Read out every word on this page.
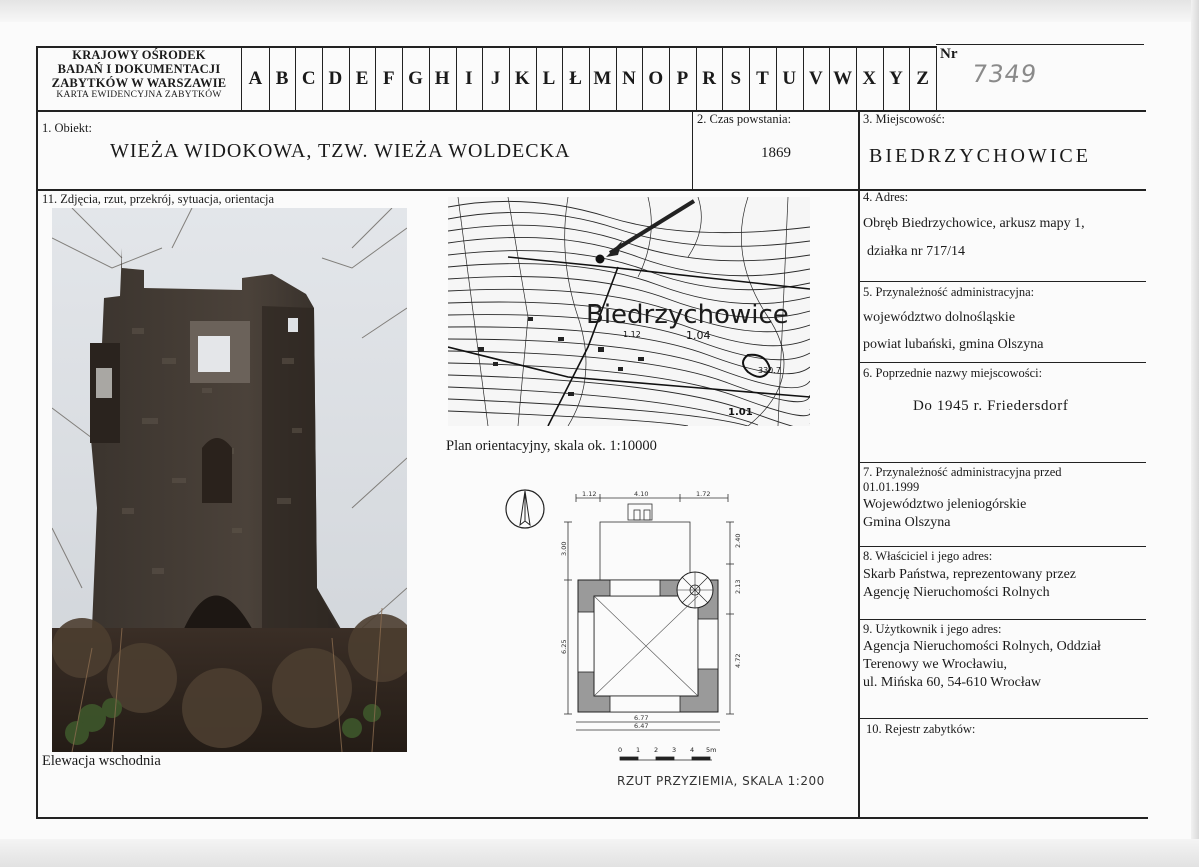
KRAJOWY OŚRODEK
BADAŃ I DOKUMENTACJI
ZABYTKÓW W WARSZAWIE
KARTA EWIDENCYJNA ZABYTKÓW
A B C D E F G H I J K L Ł M N O P R S T U V W X Y Z
Nr
7349
1. Obiekt:
WIEŻA WIDOKOWA, TZW. WIEŻA WOLDECKA
2. Czas powstania:
1869
3. Miejscowość:
BIEDRZYCHOWICE
11. Zdjęcia, rzut, przekrój, sytuacja, orientacja
Elewacja wschodnia
Biedrzychowice
1.04
1.01
1.12
330.7
Plan orientacyjny, skala ok. 1:10000
1.12	4.10	1.72
6.77
6.47
3.00
6.25
2.40
2.13
4.72
0 1 2 3 4 5m
RZUT PRZYZIEMIA, SKALA 1:200
4. Adres:
Obręb Biedrzychowice, arkusz mapy 1,
działka nr 717/14
5. Przynależność administracyjna:
województwo dolnośląskie
powiat lubański, gmina Olszyna
6. Poprzednie nazwy miejscowości:
Do 1945 r. Friedersdorf
7. Przynależność administracyjna przed
01.01.1999
Województwo jeleniogórskie
Gmina Olszyna
8. Właściciel i jego adres:
Skarb Państwa, reprezentowany przez
Agencję Nieruchomości Rolnych
9. Użytkownik i jego adres:
Agencja Nieruchomości Rolnych, Oddział
Terenowy we Wrocławiu,
ul. Mińska 60, 54-610 Wrocław
10. Rejestr zabytków:
